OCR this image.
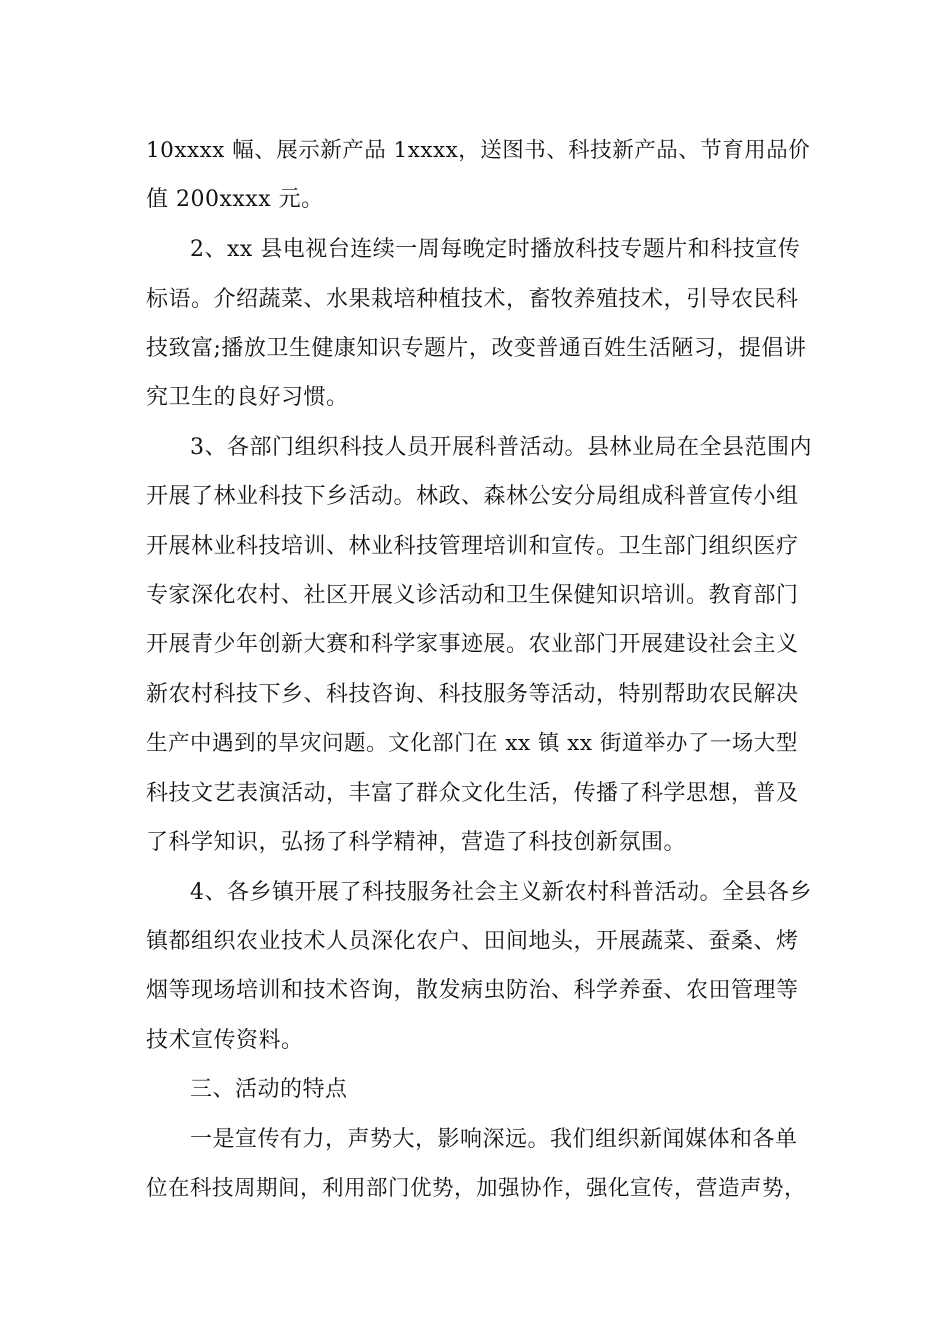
10xxxx 幅、展示新产品 1xxxx，送图书、科技新产品、节育用品价
值 200xxxx 元。
2、xx 县电视台连续一周每晚定时播放科技专题片和科技宣传
标语。介绍蔬菜、水果栽培种植技术，畜牧养殖技术，引导农民科
技致富;播放卫生健康知识专题片，改变普通百姓生活陋习，提倡讲
究卫生的良好习惯。
3、各部门组织科技人员开展科普活动。县林业局在全县范围内
开展了林业科技下乡活动。林政、森林公安分局组成科普宣传小组
开展林业科技培训、林业科技管理培训和宣传。卫生部门组织医疗
专家深化农村、社区开展义诊活动和卫生保健知识培训。教育部门
开展青少年创新大赛和科学家事迹展。农业部门开展建设社会主义
新农村科技下乡、科技咨询、科技服务等活动，特别帮助农民解决
生产中遇到的旱灾问题。文化部门在 xx 镇 xx 街道举办了一场大型
科技文艺表演活动，丰富了群众文化生活，传播了科学思想，普及
了科学知识，弘扬了科学精神，营造了科技创新氛围。
4、各乡镇开展了科技服务社会主义新农村科普活动。全县各乡
镇都组织农业技术人员深化农户、田间地头，开展蔬菜、蚕桑、烤
烟等现场培训和技术咨询，散发病虫防治、科学养蚕、农田管理等
技术宣传资料。
三、活动的特点
一是宣传有力，声势大，影响深远。我们组织新闻媒体和各单
位在科技周期间，利用部门优势，加强协作，强化宣传，营造声势，
